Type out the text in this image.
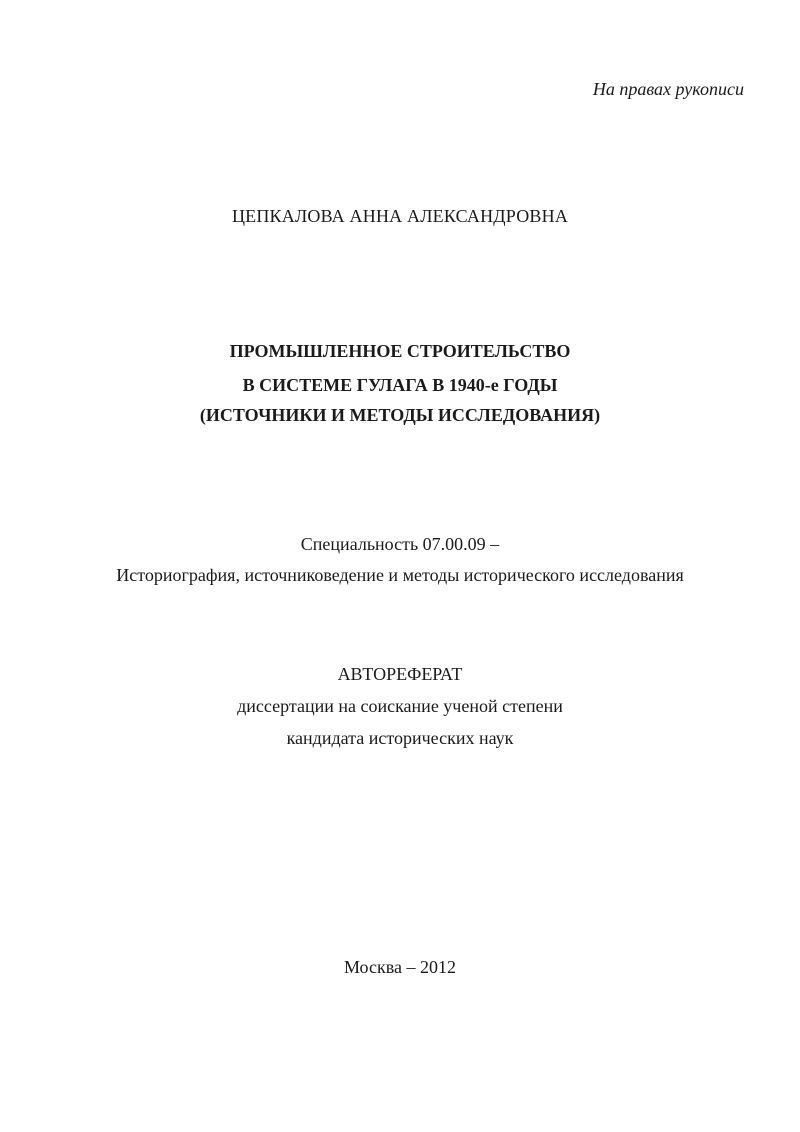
На правах рукописи
ЦЕПКАЛОВА АННА АЛЕКСАНДРОВНА
ПРОМЫШЛЕННОЕ СТРОИТЕЛЬСТВО
В СИСТЕМЕ ГУЛАГА В 1940-е ГОДЫ
(ИСТОЧНИКИ И МЕТОДЫ ИССЛЕДОВАНИЯ)
Специальность 07.00.09 –
Историография, источниковедение и методы исторического исследования
АВТОРЕФЕРАТ
диссертации на соискание ученой степени
кандидата исторических наук
Москва – 2012
